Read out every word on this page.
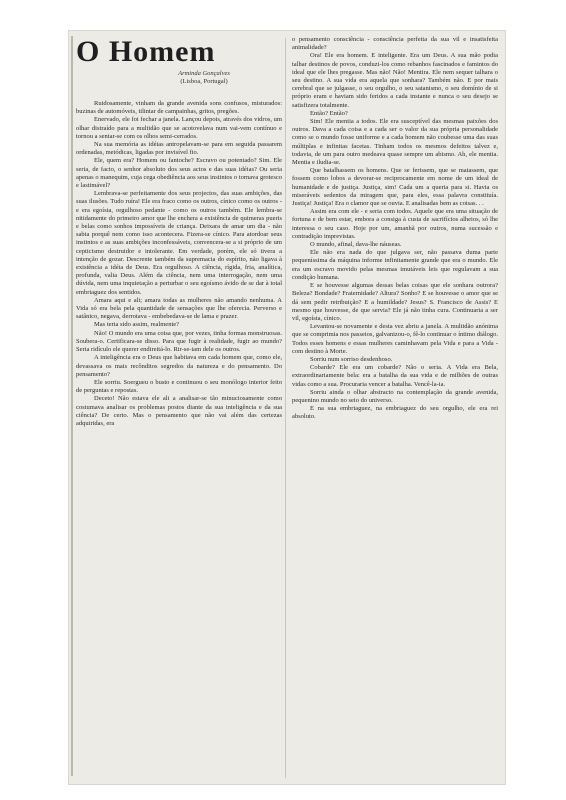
O Homem
Arminda Gonçalves
(Lisboa, Portugal)

Ruidosamente, vinham da grande avenida sons confusos, misturados: buzinas de automóveis, tilintar de campainhas, gritos, pregões.

Enervado, ele foi fechar a janela. Lançou depois, através dos vidros, um olhar distraído para a multidão que se acotovelava num vai-vem contínuo e tornou a sentar-se com os olhos semi-cerrados.

Na sua memória as idéias antropelavam-se para em seguida passarem ordenadas, metódicas, ligadas por invisível fio.

Ele, quem era? Homem ou fantoche? Escravo ou potentado? Sim. Ele seria, de facto, o senhor absoluto dos seus actos e das suas idéias? Ou seria apenas o manequim, cuja cega obediência aos seus instintos o tornava grotesco e lastimável?

Lembrava-se perfeitamente dos seus projectos, das suas ambições, das suas ilusões. Tudo ruíra! Ele era fraco como os outros, cínico como os outros - e era egoísta, orgulhoso pedante - como os outros também. Ele lembra-se nitidamente do primeiro amor que lhe enchera a existência de quimeras pueris e belas como sonhos impossíveis de criança. Deixara de amar um dia - não sabia porquê nem como isso acontecera. Fizera-se cínico. Para atordoar seus instintos e as suas ambições inconfessáveis, convencera-se a si próprio de um cepticismo destruidor e intolerante. Em verdade, porém, ele só tivera a intenção de gozar. Descrente também da supremacia do espírito, não ligava à existência a idéia de Deus. Era orgulhoso. A ciência, rígida, fria, analítica, profunda, valia Deus. Além da ciência, nem uma interrogação, nem uma dúvida, nem uma inquietação a perturbar o seu egoísmo ávido de se dar à total embriaguez dos sentidos.

Amara aqui e ali; amara todas as mulheres não amando nenhuma. A Vida só era bela pela quantidade de sensações que lhe oferecia. Perverso e satânico, negava, derrotava - embebedava-se de lama e prazer.

Mas teria sido assim, realmente?

Não! O mundo era uma coisa que, por vezes, tinha formas monstruosas. Soubera-o. Certificara-se disso. Para que fugir à realidade, fugir ao mundo? Seria ridículo ele querer endireitá-lo. Rir-se-iam dele os outros.

A inteligência era o Deus que habitava em cada homem que, como ele, devassava os mais recônditos segredos da natureza e do pensamento. Do pensamento?

Ele sorriu. Soergueu o busto e continuou o seu monólogo interior feito de perguntas e repostas.

Deceto! Não estava ele ali a analisar-se tão minuciosamente como costumava analisar os problemas postos diante da sua inteligência e da sua ciência? De certo. Mas o pensamento que não vai além das certezas adquiridas, era

o pensamento consciência - consciência perfeita da sua vil e insatisfeita animalidade?

Ora! Ele era homem. E inteligente. Era um Deus. A sua mão podia talhar destinos de povos, conduzi-los como rebanhos fascinados e famintos do ideal que ele lhes pregasse. Mas não! Não! Mentira. Ele nem sequer talhara o seu destino. A sua vida era aquela que sonhara? Também não. E por mais cerebral que se julgasse, o seu orgulho, o seu satanismo, o seu domínio de si próprio eram e haviam sido feridos a cada instante e nunca o seu desejo se satisfizera totalmente.

Então? Então?

Sim! Ele mentia a todos. Ele era susceptível das mesmas paixões dos outros. Dava a cada coisa e a cada ser o valor da sua própria personalidade como se o mundo fosse uniforme e a cada homem não coubesse uma das suas múltiplas e infinitas facetas. Tinham todos os mesmos defeitos talvez e, todavia, de um para outro medeava quase sempre um abismo. Ah, ele mentia. Mentia e iludia-se.

Que batalhassem os homens. Que se ferissem, que se matassem, que fossem como lobos a devorar-se reciprocamente em nome de um ideal de humanidade e de justiça. Justiça, sim! Cada um a queria para si. Havia os miseráveis sedentos da miragem que, para eles, essa palavra constituía. Justiça! Justiça! Era o clamor que se ouvia. E analisadas bem as coisas. . .

Assim era com ele - e seria com todos. Aquele que era uma situação de fortuna e de bem estar, embora a consiga à custa de sacrifícios alheios, só lhe interessa o seu caso. Hoje por um, amanhã por outros, numa sucessão e contradição imprevistas.

O mundo, afinal, dava-lhe náuseas.

Ele não era nada do que julgava ser, não passava duma parte pequeníssima da máquina informe infinitamente grande que era o mundo. Ele era um escravo movido pelas mesmas imutáveis leis que regulavam a sua condição humana.

E se houvesse algumas dessas belas coisas que ele sonhara outrora? Beleza? Bondade? Fraternidade? Altura? Sonho? E se houvesse o amor que se dá sem pedir retribuição? E a humildade? Jesus? S. Francisco de Assis? E mesmo que houvesse, de que servia? Ele já não tinha cura. Continuaria a ser vil, egoísta, cínico.

Levantou-se novamente e desta vez abriu a janela. A multidão anónima que se comprimia nos passeios, galvanizou-o, fê-lo continuar o íntimo diálogo. Todos esses homens e essas mulheres caminhavam pela Vida e para a Vida - com destino à Morte.

Sorriu num sorriso desdenhoso.

Cobarde? Ele era um cobarde? Não o seria. A Vida era Bela, extraordinariamente bela: era a batalha da sua vida e de milhões de outras vidas como a sua. Procuraria vencer a batalha. Vencê-la-ia.

Sorriu ainda o olhar abstracto na contemplação da grande avenida, pequenino mundo no seio do universo.

E na sua embriaguez, na embriaguez do seu orgulho, ele era rei absoluto.
